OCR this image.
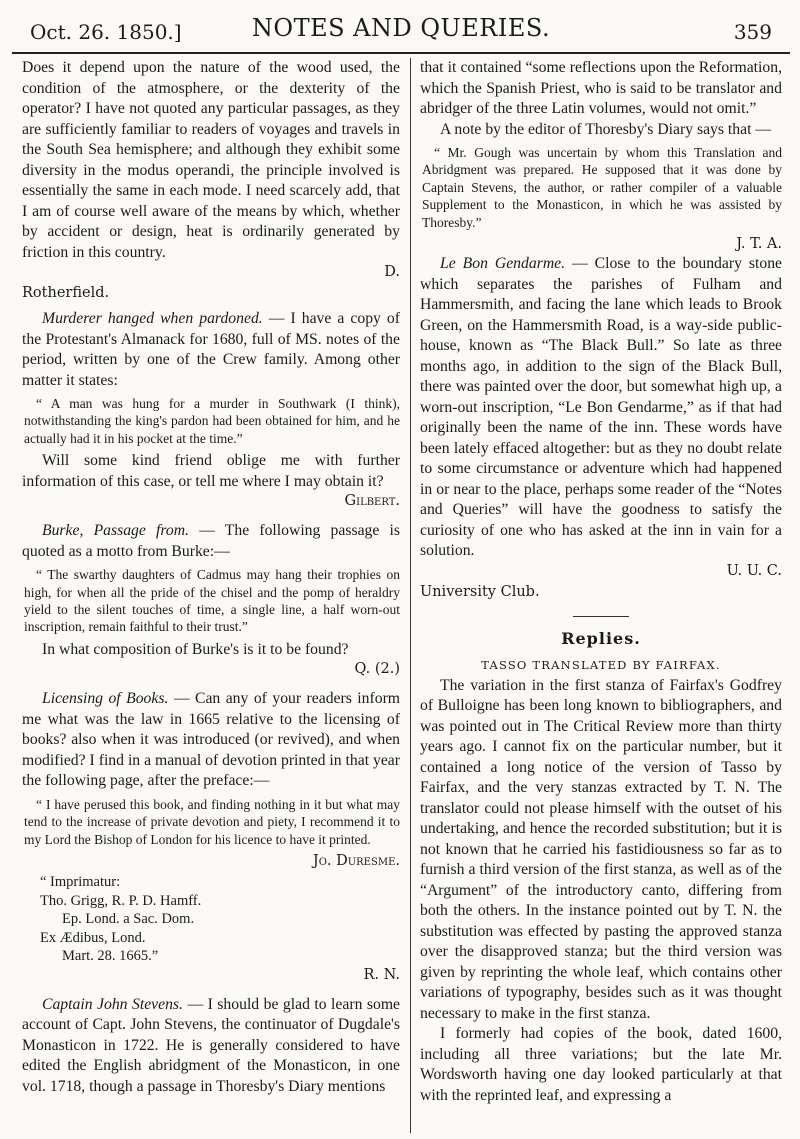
Oct. 26. 1850.]	NOTES AND QUERIES.	359

Does it depend upon the nature of the wood used, the condition of the atmosphere, or the dexterity of the operator? I have not quoted any particular passages, as they are sufficiently familiar to readers of voyages and travels in the South Sea hemisphere; and although they exhibit some diversity in the modus operandi, the principle involved is essentially the same in each mode. I need scarcely add, that I am of course well aware of the means by which, whether by accident or design, heat is ordinarily generated by friction in this country.

D.
Rotherfield.

Murderer hanged when pardoned. — I have a copy of the Protestant's Almanack for 1680, full of MS. notes of the period, written by one of the Crew family. Among other matter it states:

“ A man was hung for a murder in Southwark (I think), notwithstanding the king's pardon had been obtained for him, and he actually had it in his pocket at the time.”

Will some kind friend oblige me with further information of this case, or tell me where I may obtain it?

Gilbert.

Burke, Passage from. — The following passage is quoted as a motto from Burke:—

“ The swarthy daughters of Cadmus may hang their trophies on high, for when all the pride of the chisel and the pomp of heraldry yield to the silent touches of time, a single line, a half worn-out inscription, remain faithful to their trust.”

In what composition of Burke's is it to be found?

Q. (2.)

Licensing of Books. — Can any of your readers inform me what was the law in 1665 relative to the licensing of books? also when it was introduced (or revived), and when modified? I find in a manual of devotion printed in that year the following page, after the preface:—

“ I have perused this book, and finding nothing in it but what may tend to the increase of private devotion and piety, I recommend it to my Lord the Bishop of London for his licence to have it printed.

Jo. Duresme.
“ Imprimatur:
Tho. Grigg, R. P. D. Hamff.
Ep. Lond. a Sac. Dom.
Ex Ædibus, Lond.
Mart. 28. 1665.”
R. N.

Captain John Stevens. — I should be glad to learn some account of Capt. John Stevens, the continuator of Dugdale's Monasticon in 1722. He is generally considered to have edited the English abridgment of the Monasticon, in one vol. 1718, though a passage in Thoresby's Diary mentions

that it contained “some reflections upon the Reformation, which the Spanish Priest, who is said to be translator and abridger of the three Latin volumes, would not omit.”

A note by the editor of Thoresby's Diary says that —

“ Mr. Gough was uncertain by whom this Translation and Abridgment was prepared. He supposed that it was done by Captain Stevens, the author, or rather compiler of a valuable Supplement to the Monasticon, in which he was assisted by Thoresby.”

J. T. A.

Le Bon Gendarme. — Close to the boundary stone which separates the parishes of Fulham and Hammersmith, and facing the lane which leads to Brook Green, on the Hammersmith Road, is a way-side public-house, known as “The Black Bull.” So late as three months ago, in addition to the sign of the Black Bull, there was painted over the door, but somewhat high up, a worn-out inscription, “Le Bon Gendarme,” as if that had originally been the name of the inn. These words have been lately effaced altogether: but as they no doubt relate to some circumstance or adventure which had happened in or near to the place, perhaps some reader of the “Notes and Queries” will have the goodness to satisfy the curiosity of one who has asked at the inn in vain for a solution.

U. U. C.
University Club.
Replies.
TASSO TRANSLATED BY FAIRFAX.

The variation in the first stanza of Fairfax's Godfrey of Bulloigne has been long known to bibliographers, and was pointed out in The Critical Review more than thirty years ago. I cannot fix on the particular number, but it contained a long notice of the version of Tasso by Fairfax, and the very stanzas extracted by T. N. The translator could not please himself with the outset of his undertaking, and hence the recorded substitution; but it is not known that he carried his fastidiousness so far as to furnish a third version of the first stanza, as well as of the “Argument” of the introductory canto, differing from both the others. In the instance pointed out by T. N. the substitution was effected by pasting the approved stanza over the disapproved stanza; but the third version was given by reprinting the whole leaf, which contains other variations of typography, besides such as it was thought necessary to make in the first stanza.

I formerly had copies of the book, dated 1600, including all three variations; but the late Mr. Wordsworth having one day looked particularly at that with the reprinted leaf, and expressing a
